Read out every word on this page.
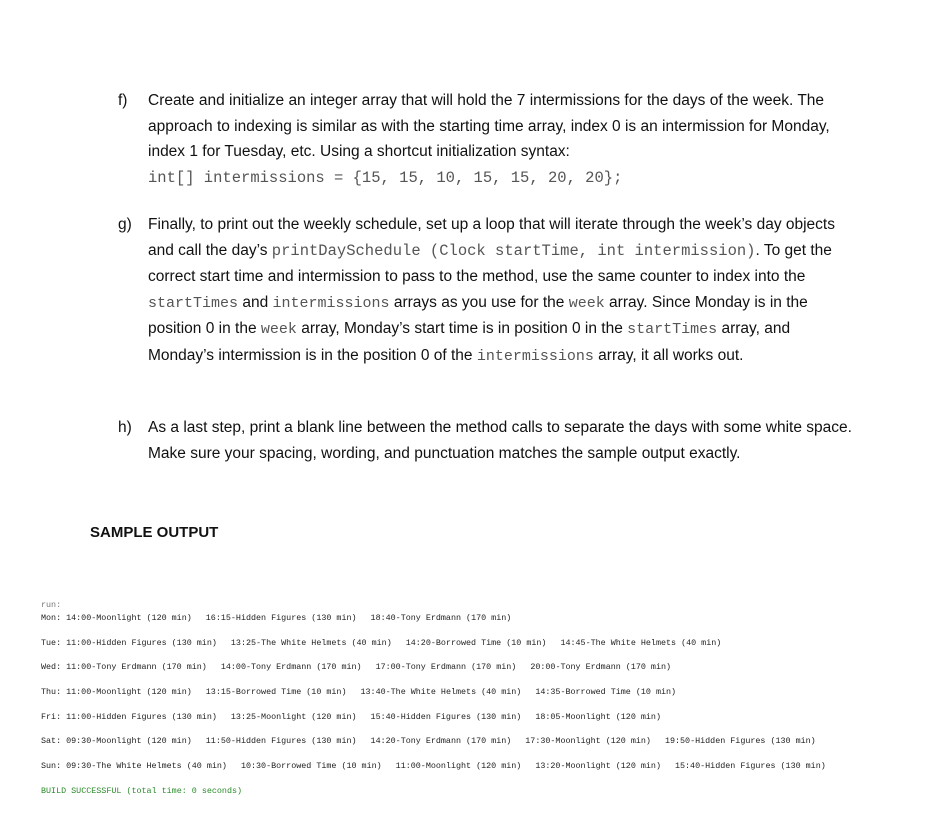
f) Create and initialize an integer array that will hold the 7 intermissions for the days of the week. The approach to indexing is similar as with the starting time array, index 0 is an intermission for Monday, index 1 for Tuesday, etc. Using a shortcut initialization syntax:
int[] intermissions = {15, 15, 10, 15, 15, 20, 20};
g) Finally, to print out the weekly schedule, set up a loop that will iterate through the week’s day objects and call the day’s printDaySchedule (Clock startTime, int intermission). To get the correct start time and intermission to pass to the method, use the same counter to index into the startTimes and intermissions arrays as you use for the week array. Since Monday is in the position 0 in the week array, Monday’s start time is in position 0 in the startTimes array, and Monday’s intermission is in the position 0 of the intermissions array, it all works out.
h) As a last step, print a blank line between the method calls to separate the days with some white space. Make sure your spacing, wording, and punctuation matches the sample output exactly.
SAMPLE OUTPUT
run:
Mon: 14:00-Moonlight (120 min) 16:15-Hidden Figures (130 min) 18:40-Tony Erdmann (170 min)
Tue: 11:00-Hidden Figures (130 min) 13:25-The White Helmets (40 min) 14:20-Borrowed Time (10 min) 14:45-The White Helmets (40 min)
Wed: 11:00-Tony Erdmann (170 min) 14:00-Tony Erdmann (170 min) 17:00-Tony Erdmann (170 min) 20:00-Tony Erdmann (170 min)
Thu: 11:00-Moonlight (120 min) 13:15-Borrowed Time (10 min) 13:40-The White Helmets (40 min) 14:35-Borrowed Time (10 min)
Fri: 11:00-Hidden Figures (130 min) 13:25-Moonlight (120 min) 15:40-Hidden Figures (130 min) 18:05-Moonlight (120 min)
Sat: 09:30-Moonlight (120 min) 11:50-Hidden Figures (130 min) 14:20-Tony Erdmann (170 min) 17:30-Moonlight (120 min) 19:50-Hidden Figures (130 min)
Sun: 09:30-The White Helmets (40 min) 10:30-Borrowed Time (10 min) 11:00-Moonlight (120 min) 13:20-Moonlight (120 min) 15:40-Hidden Figures (130 min)
BUILD SUCCESSFUL (total time: 0 seconds)
